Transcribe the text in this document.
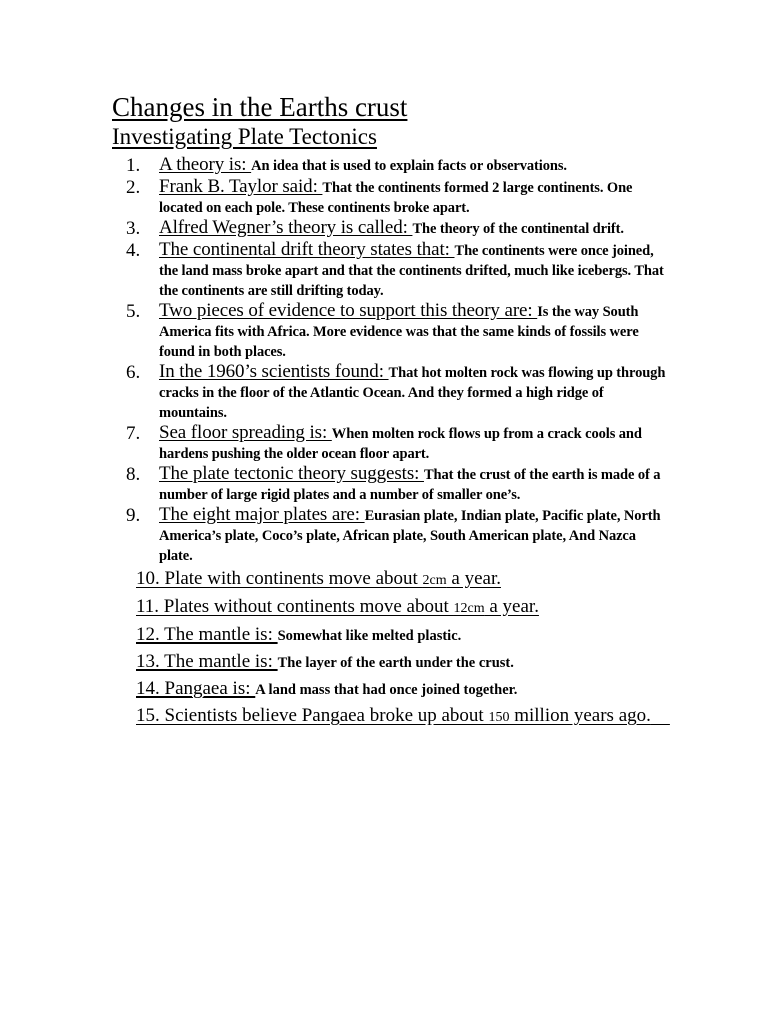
Changes in the Earths crust
Investigating Plate Tectonics
1. A theory is: An idea that is used to explain facts or observations.
2. Frank B. Taylor said: That the continents formed 2 large continents. One located on each pole. These continents broke apart.
3. Alfred Wegner’s theory is called: The theory of the continental drift.
4. The continental drift theory states that: The continents were once joined, the land mass broke apart and that the continents drifted, much like icebergs. That the continents are still drifting today.
5. Two pieces of evidence to support this theory are: Is the way South America fits with Africa. More evidence was that the same kinds of fossils were found in both places.
6. In the 1960’s scientists found: That hot molten rock was flowing up through cracks in the floor of the Atlantic Ocean. And they formed a high ridge of mountains.
7. Sea floor spreading is: When molten rock flows up from a crack cools and hardens pushing the older ocean floor apart.
8. The plate tectonic theory suggests: That the crust of the earth is made of a number of large rigid plates and a number of smaller one’s.
9. The eight major plates are: Eurasian plate, Indian plate, Pacific plate, North America’s plate, Coco’s plate, African plate, South American plate, And Nazca plate.
10. Plate with continents move about 2cm a year.
11. Plates without continents move about 12cm a year.
12. The mantle is: Somewhat like melted plastic.
13. The mantle is: The layer of the earth under the crust.
14. Pangaea is: A land mass that had once joined together.
15. Scientists believe Pangaea broke up about 150 million years ago.
